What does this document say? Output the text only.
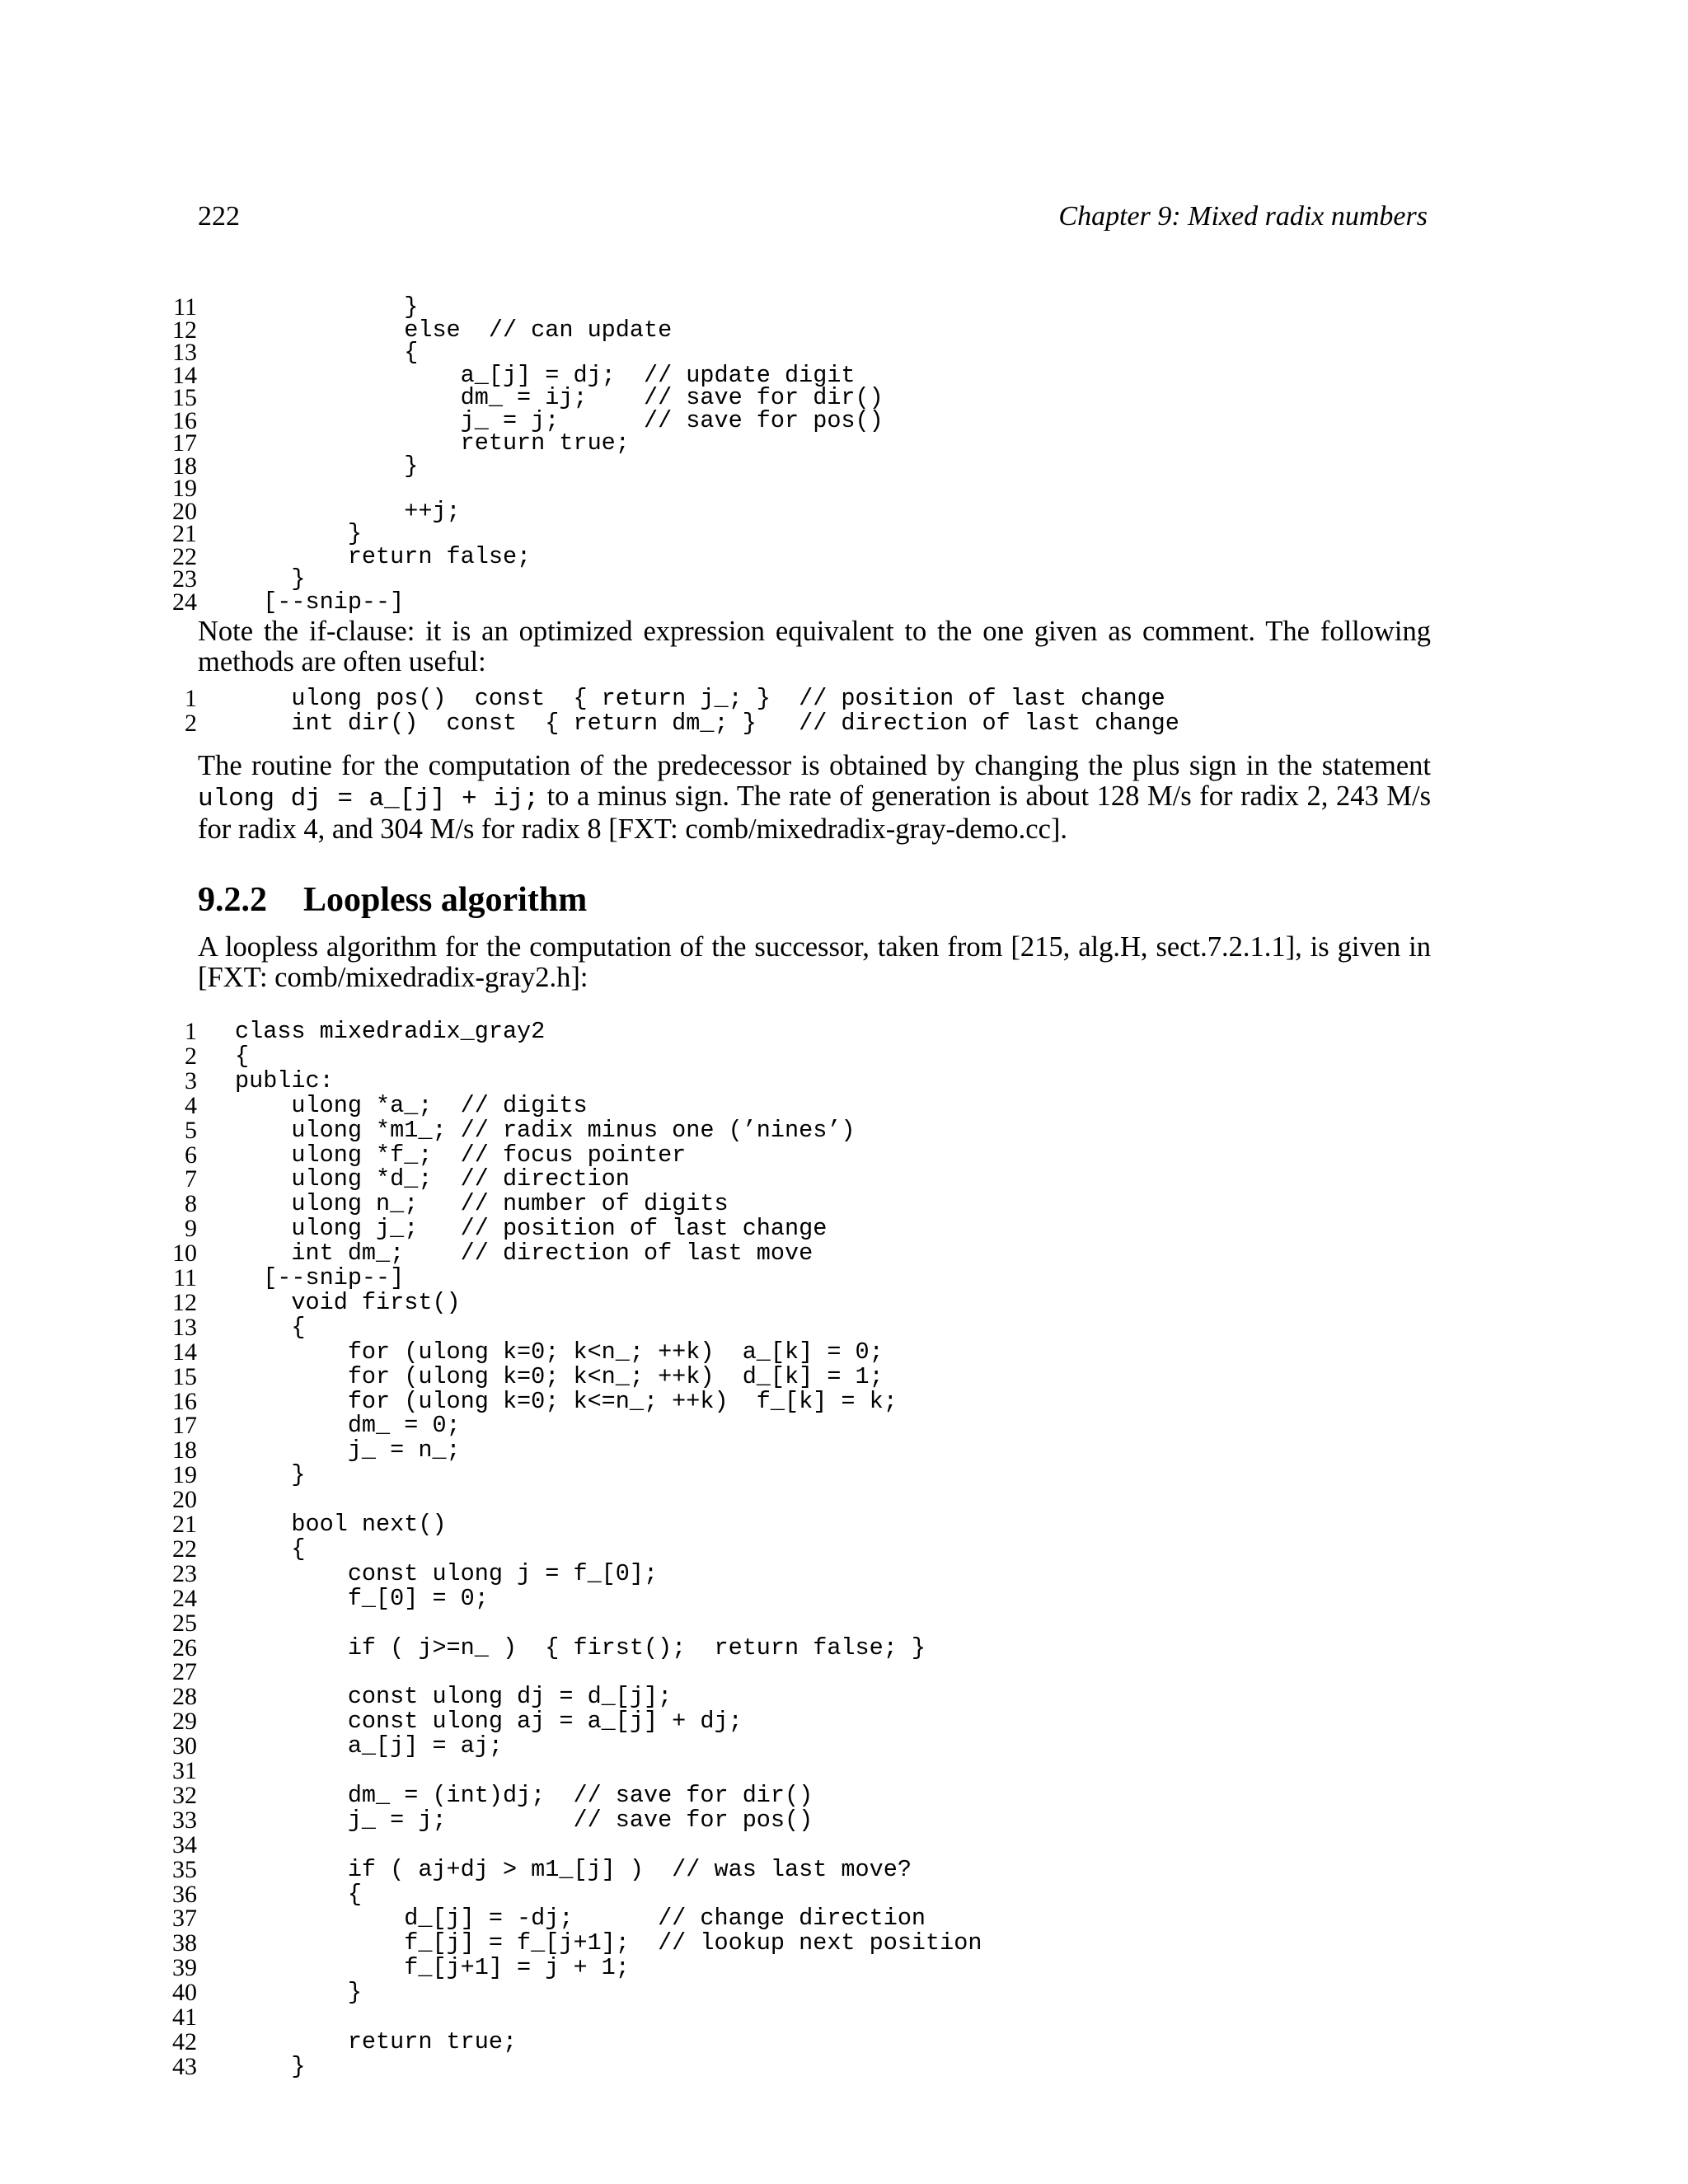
222	Chapter 9: Mixed radix numbers
11 }
12 else  // can update
13 {
14 a_[j] = dj;  // update digit
15 dm_ = ij;    // save for dir()
16 j_ = j;      // save for pos()
17 return true;
18 }
19
20 ++j;
21 }
22 return false;
23 }
24 [--snip--]
Note the if-clause: it is an optimized expression equivalent to the one given as comment. The following methods are often useful:
1 ulong pos()  const  { return j_; }  // position of last change
2 int dir()  const  { return dm_; }   // direction of last change
The routine for the computation of the predecessor is obtained by changing the plus sign in the statement ulong dj = a_[j] + ij; to a minus sign. The rate of generation is about 128 M/s for radix 2, 243 M/s for radix 4, and 304 M/s for radix 8 [FXT: comb/mixedradix-gray-demo.cc].
9.2.2 Loopless algorithm
A loopless algorithm for the computation of the successor, taken from [215, alg.H, sect.7.2.1.1], is given in [FXT: comb/mixedradix-gray2.h]:
1 class mixedradix_gray2
2 {
3 public:
4 ulong *a_;  // digits
5 ulong *m1_; // radix minus one (’nines’)
6 ulong *f_;  // focus pointer
7 ulong *d_;  // direction
8 ulong n_;   // number of digits
9 ulong j_;   // position of last change
10 int dm_;    // direction of last move
11 [--snip--]
12 void first()
13 {
14 for (ulong k=0; k<n_; ++k)  a_[k] = 0;
15 for (ulong k=0; k<n_; ++k)  d_[k] = 1;
16 for (ulong k=0; k<=n_; ++k)  f_[k] = k;
17 dm_ = 0;
18 j_ = n_;
19 }
20
21 bool next()
22 {
23 const ulong j = f_[0];
24 f_[0] = 0;
25
26 if ( j>=n_ )  { first();  return false; }
27
28 const ulong dj = d_[j];
29 const ulong aj = a_[j] + dj;
30 a_[j] = aj;
31
32 dm_ = (int)dj;  // save for dir()
33 j_ = j;         // save for pos()
34
35 if ( aj+dj > m1_[j] )  // was last move?
36 {
37 d_[j] = -dj;      // change direction
38 f_[j] = f_[j+1];  // lookup next position
39 f_[j+1] = j + 1;
40 }
41
42 return true;
43 }
